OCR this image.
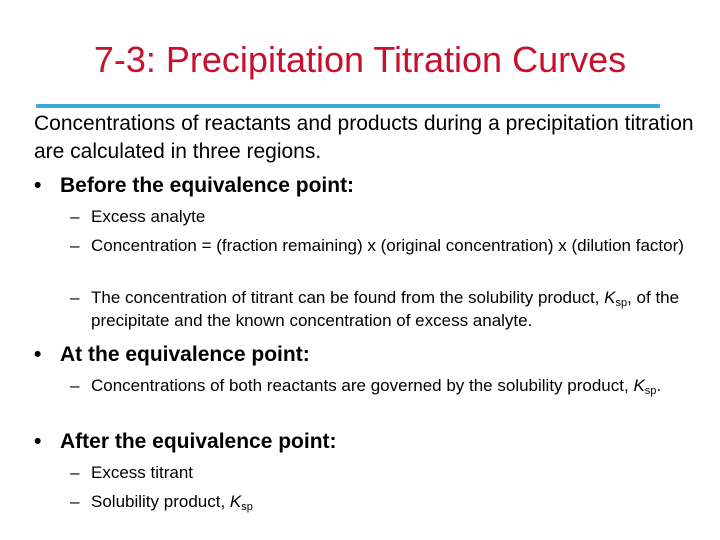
7-3: Precipitation Titration Curves
Concentrations of reactants and products during a precipitation titration are calculated in three regions.
• Before the equivalence point:
– Excess analyte
– Concentration = (fraction remaining) x (original concentration) x (dilution factor)
– The concentration of titrant can be found from the solubility product, $K_{sp}$, of the precipitate and the known concentration of excess analyte.
• At the equivalence point:
– Concentrations of both reactants are governed by the solubility product, $K_{sp}$.
• After the equivalence point:
– Excess titrant
– Solubility product, $K_{sp}$
